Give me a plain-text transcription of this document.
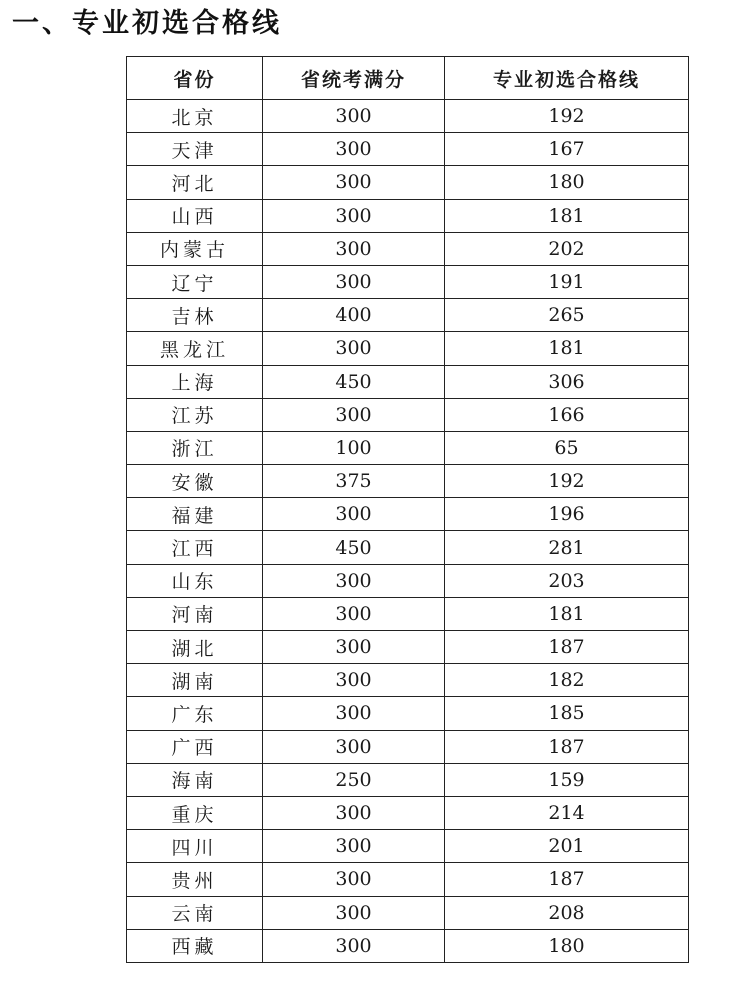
一、专业初选合格线
省份	省统考满分	专业初选合格线
北京	300	192
天津	300	167
河北	300	180
山西	300	181
内蒙古	300	202
辽宁	300	191
吉林	400	265
黑龙江	300	181
上海	450	306
江苏	300	166
浙江	100	65
安徽	375	192
福建	300	196
江西	450	281
山东	300	203
河南	300	181
湖北	300	187
湖南	300	182
广东	300	185
广西	300	187
海南	250	159
重庆	300	214
四川	300	201
贵州	300	187
云南	300	208
西藏	300	180
